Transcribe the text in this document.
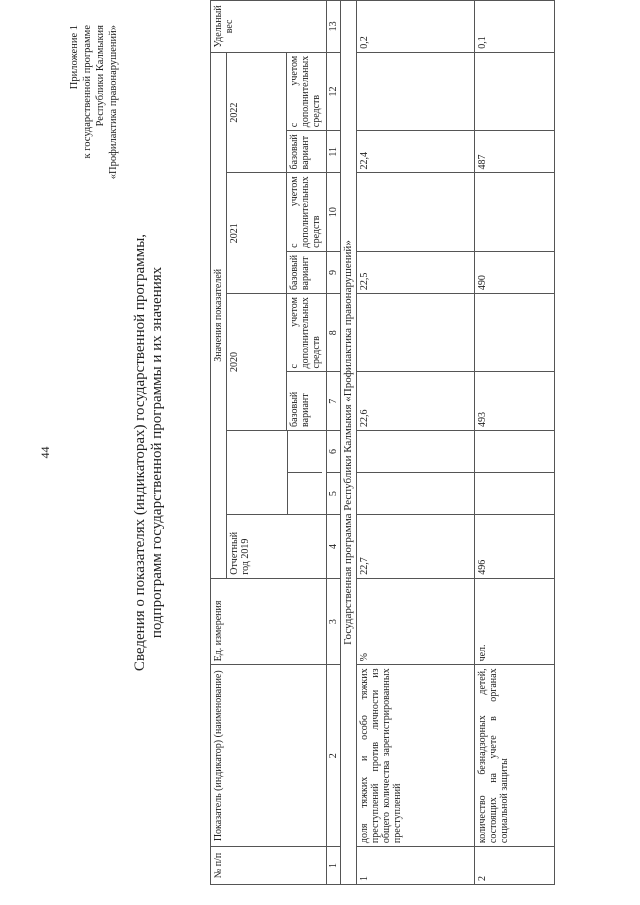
44
Приложение 1 к государственной программе Республики Калмыкия «Профилактика правонарушений»
Сведения о показателях (индикаторах) государственной программы, подпрограмм государственной программы и их значениях
№ п/п	Показатель (индикатор) (наименование)	Ед. измерения	Значения показателей									Удельный вес
			Отчетный год 2019			2020		2021		2022		
						базовый вариант	с учетом дополнительных средств	базовый вариант	с учетом дополнительных средств	базовый вариант	с учетом дополнительных средств	
1	2	3	4	5	6	7	8	9	10	11	12	13
Государственная программа Республики Калмыкия «Профилактика правонарушений»												
1	доля тяжких и особо тяжких преступлений против личности из общего количества зарегистрированных преступлений	%	22,7			22,6		22,5		22,4		0,2
2	количество безнадзорных детей, состоящих на учете в органах социальной защиты	чел.	496			493		490		487		0,1
